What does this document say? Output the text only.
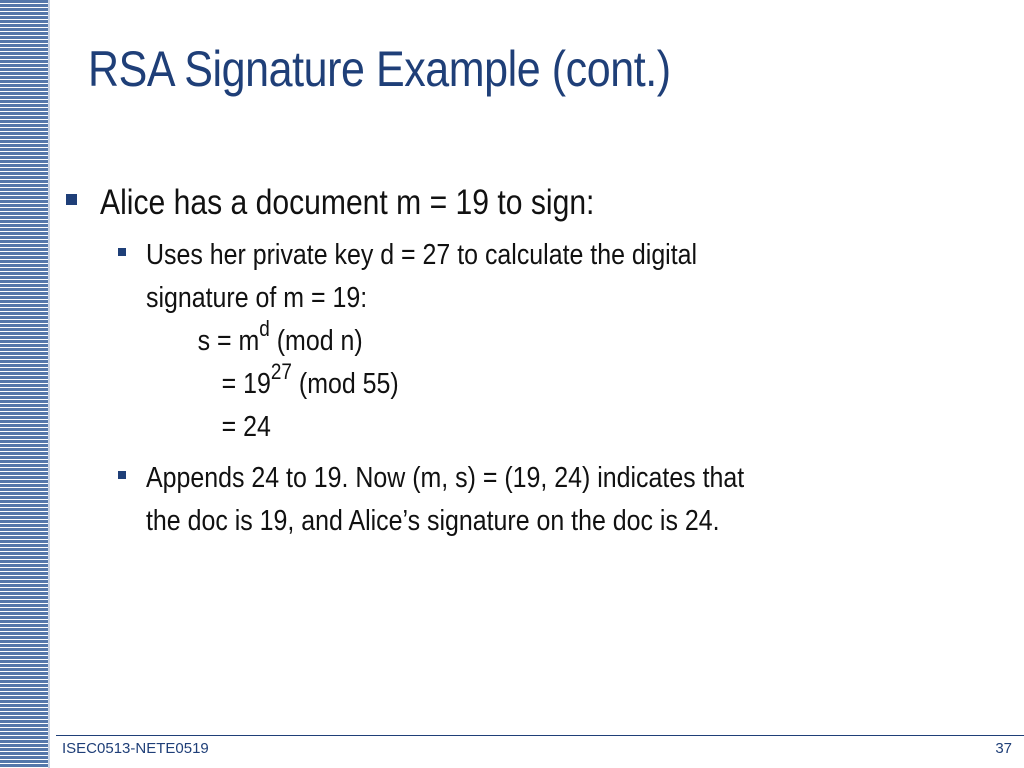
RSA Signature Example (cont.)
Alice has a document m = 19 to sign:
Uses her private key d = 27 to calculate the digital
signature of m = 19:
$s = m^d$ (mod n)
= $19^{27}$ (mod 55)
= 24
Appends 24 to 19. Now (m, s) = (19, 24) indicates that
the doc is 19, and Alice’s signature on the doc is 24.
ISEC0513-NETE0519	37
